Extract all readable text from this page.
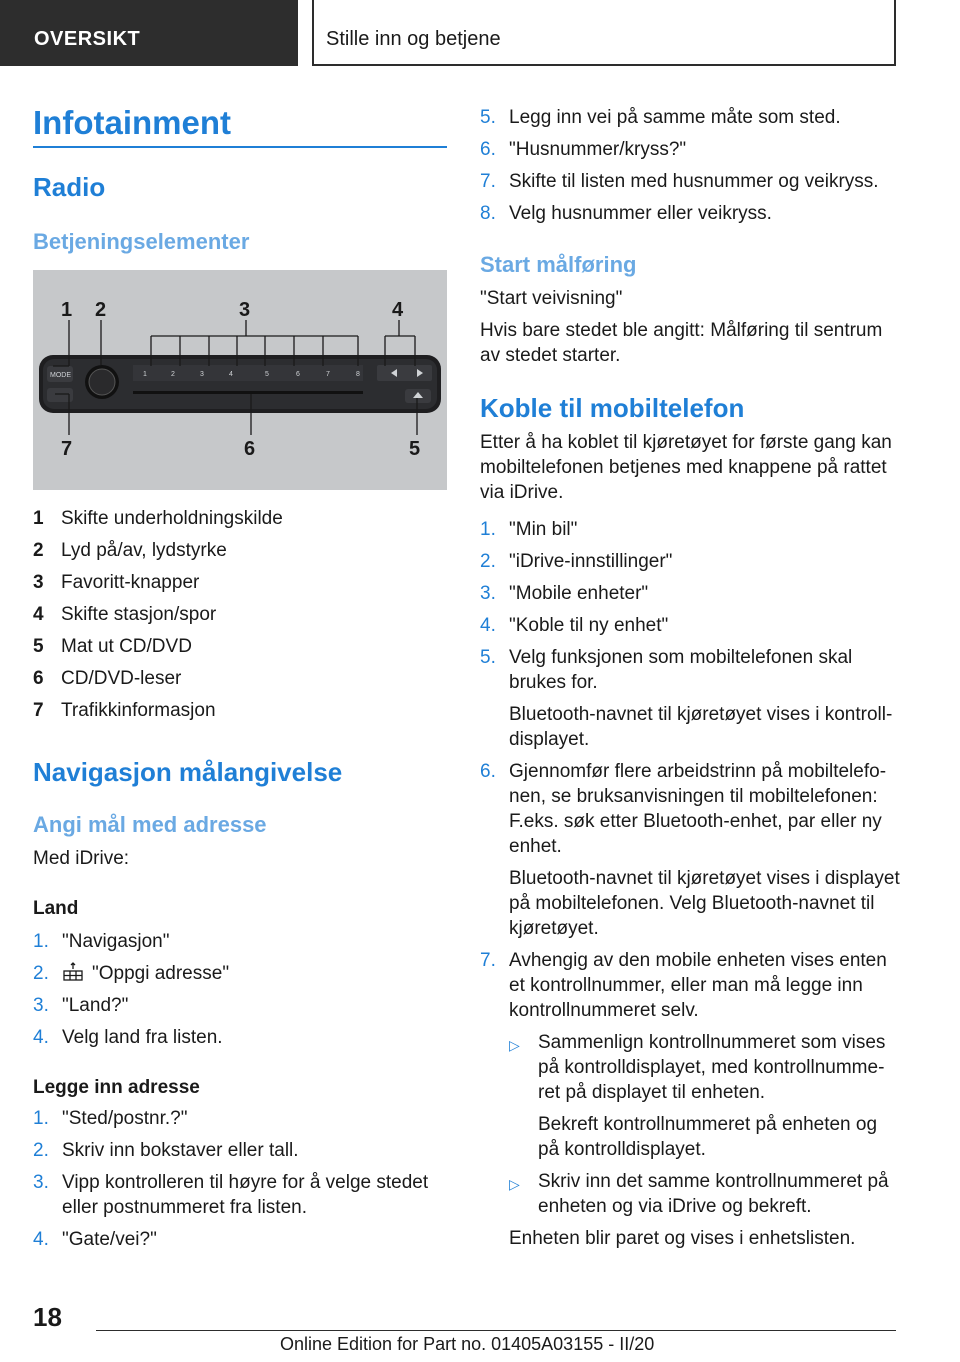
OVERSIKT	Stille inn og betjene
Infotainment
Radio
Betjeningselementer
MODE	1	2	3	4	5	6	7	8
1 2	3	4
7	6	5
1 Skifte underholdningskilde
2 Lyd på/av, lydstyrke
3 Favoritt-knapper
4 Skifte stasjon/spor
5 Mat ut CD/DVD
6 CD/DVD-leser
7 Trafikkinformasjon
Navigasjon målangivelse
Angi mål med adresse
Med iDrive:
Land
1. "Navigasjon"
2.	"Oppgi adresse"
3. "Land?"
4. Velg land fra listen.
Legge inn adresse
1. "Sted/postnr.?"
2. Skriv inn bokstaver eller tall.
3. Vipp kontrolleren til høyre for å velge stedet eller postnummeret fra listen.
4. "Gate/vei?"
5. Legg inn vei på samme måte som sted.
6. "Husnummer/kryss?"
7. Skifte til listen med husnummer og veikryss.
8. Velg husnummer eller veikryss.
Start målføring
"Start veivisning"
Hvis bare stedet ble angitt: Målføring til sentrum av stedet starter.
Koble til mobiltelefon
Etter å ha koblet til kjøretøyet for første gang kan mobiltelefonen betjenes med knappene på rattet via iDrive.
1. "Min bil"
2. "iDrive-innstillinger"
3. "Mobile enheter"
4. "Koble til ny enhet"
5. Velg funksjonen som mobiltelefonen skal brukes for.
Bluetooth-navnet til kjøretøyet vises i kontrolldisplayet.
6. Gjennomfør flere arbeidstrinn på mobiltelefonen, se bruksanvisningen til mobiltelefonen: F.eks. søk etter Bluetooth-enhet, par eller ny enhet.
Bluetooth-navnet til kjøretøyet vises i displayet på mobiltelefonen. Velg Bluetooth-navnet til kjøretøyet.
7. Avhengig av den mobile enheten vises enten et kontrollnummer, eller man må legge inn kontrollnummeret selv.
▷ Sammenlign kontrollnummeret som vises på kontrolldisplayet, med kontrollnummeret på displayet til enheten.
Bekreft kontrollnummeret på enheten og på kontrolldisplayet.
▷ Skriv inn det samme kontrollnummeret på enheten og via iDrive og bekreft.
Enheten blir paret og vises i enhetslisten.
18
Online Edition for Part no. 01405A03155 - II/20
